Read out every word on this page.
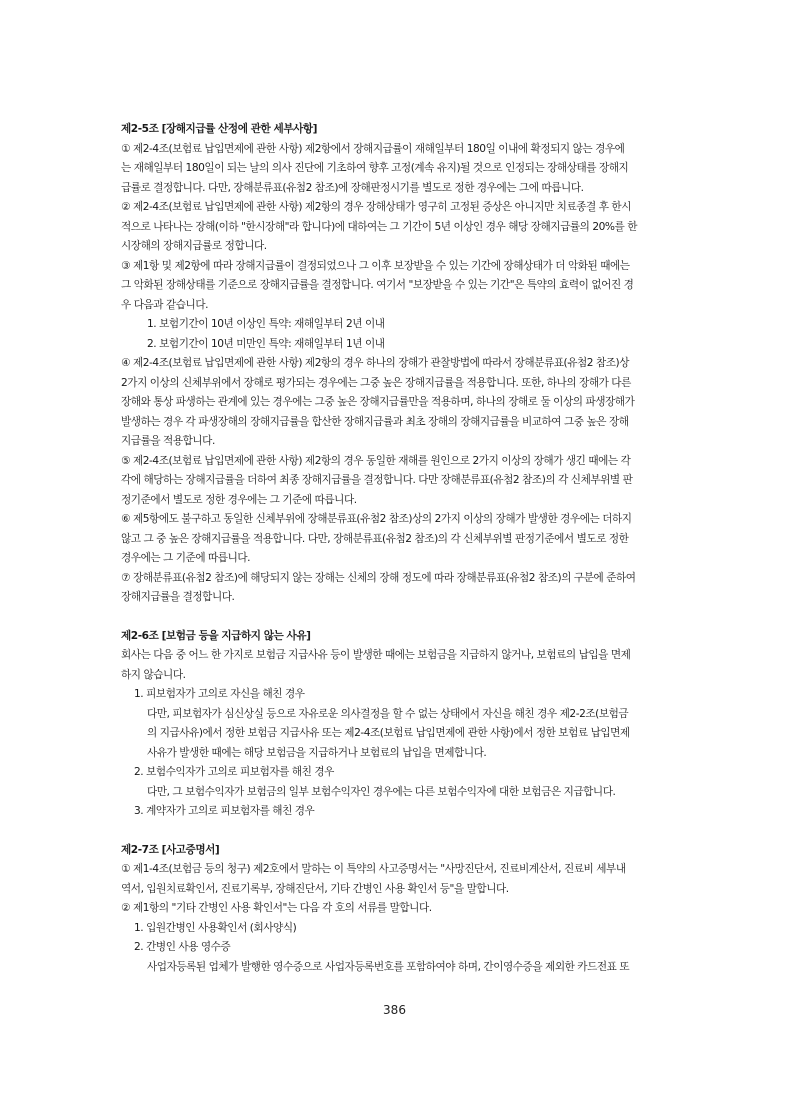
제2-5조 [장해지급률 산정에 관한 세부사항]
① 제2-4조(보험료 납입면제에 관한 사항) 제2항에서 장해지급률이 재해일부터 180일 이내에 확정되지 않는 경우에
는 재해일부터 180일이 되는 날의 의사 진단에 기초하여 향후 고정(계속 유지)될 것으로 인정되는 장해상태를 장해지
급률로 결정합니다. 다만, 장해분류표(유첨2 참조)에 장해판정시기를 별도로 정한 경우에는 그에 따릅니다.
② 제2-4조(보험료 납입면제에 관한 사항) 제2항의 경우 장해상태가 영구히 고정된 증상은 아니지만 치료종결 후 한시
적으로 나타나는 장해(이하 "한시장해"라 합니다)에 대하여는 그 기간이 5년 이상인 경우 해당 장해지급률의 20%를 한
시장해의 장해지급률로 정합니다.
③ 제1항 및 제2항에 따라 장해지급률이 결정되었으나 그 이후 보장받을 수 있는 기간에 장해상태가 더 악화된 때에는
그 악화된 장해상태를 기준으로 장해지급률을 결정합니다. 여기서 "보장받을 수 있는 기간"은 특약의 효력이 없어진 경
우 다음과 같습니다.
1. 보험기간이 10년 이상인 특약: 재해일부터 2년 이내
2. 보험기간이 10년 미만인 특약: 재해일부터 1년 이내
④ 제2-4조(보험료 납입면제에 관한 사항) 제2항의 경우 하나의 장해가 관찰방법에 따라서 장해분류표(유첨2 참조)상
2가지 이상의 신체부위에서 장해로 평가되는 경우에는 그중 높은 장해지급률을 적용합니다. 또한, 하나의 장해가 다른
장해와 통상 파생하는 관계에 있는 경우에는 그중 높은 장해지급률만을 적용하며, 하나의 장해로 둘 이상의 파생장해가
발생하는 경우 각 파생장해의 장해지급률을 합산한 장해지급률과 최초 장해의 장해지급률을 비교하여 그중 높은 장해
지급률을 적용합니다.
⑤ 제2-4조(보험료 납입면제에 관한 사항) 제2항의 경우 동일한 재해를 원인으로 2가지 이상의 장해가 생긴 때에는 각
각에 해당하는 장해지급률을 더하여 최종 장해지급률을 결정합니다. 다만 장해분류표(유첨2 참조)의 각 신체부위별 판
정기준에서 별도로 정한 경우에는 그 기준에 따릅니다.
⑥ 제5항에도 불구하고 동일한 신체부위에 장해분류표(유첨2 참조)상의 2가지 이상의 장해가 발생한 경우에는 더하지
않고 그 중 높은 장해지급률을 적용합니다. 다만, 장해분류표(유첨2 참조)의 각 신체부위별 판정기준에서 별도로 정한
경우에는 그 기준에 따릅니다.
⑦ 장해분류표(유첨2 참조)에 해당되지 않는 장해는 신체의 장해 정도에 따라 장해분류표(유첨2 참조)의 구분에 준하여
장해지급률을 결정합니다.
제2-6조 [보험금 등을 지급하지 않는 사유]
회사는 다음 중 어느 한 가지로 보험금 지급사유 등이 발생한 때에는 보험금을 지급하지 않거나, 보험료의 납입을 면제
하지 않습니다.
1. 피보험자가 고의로 자신을 해친 경우
다만, 피보험자가 심신상실 등으로 자유로운 의사결정을 할 수 없는 상태에서 자신을 해친 경우 제2-2조(보험금
의 지급사유)에서 정한 보험금 지급사유 또는 제2-4조(보험료 납입면제에 관한 사항)에서 정한 보험료 납입면제
사유가 발생한 때에는 해당 보험금을 지급하거나 보험료의 납입을 면제합니다.
2. 보험수익자가 고의로 피보험자를 해친 경우
다만, 그 보험수익자가 보험금의 일부 보험수익자인 경우에는 다른 보험수익자에 대한 보험금은 지급합니다.
3. 계약자가 고의로 피보험자를 해친 경우
제2-7조 [사고증명서]
① 제1-4조(보험금 등의 청구) 제2호에서 말하는 이 특약의 사고증명서는 "사망진단서, 진료비계산서, 진료비 세부내
역서, 입원치료확인서, 진료기록부, 장해진단서, 기타 간병인 사용 확인서 등"을 말합니다.
② 제1항의 "기타 간병인 사용 확인서"는 다음 각 호의 서류를 말합니다.
1. 입원간병인 사용확인서 (회사양식)
2. 간병인 사용 영수증
사업자등록된 업체가 발행한 영수증으로 사업자등록번호를 포함하여야 하며, 간이영수증을 제외한 카드전표 또
386
